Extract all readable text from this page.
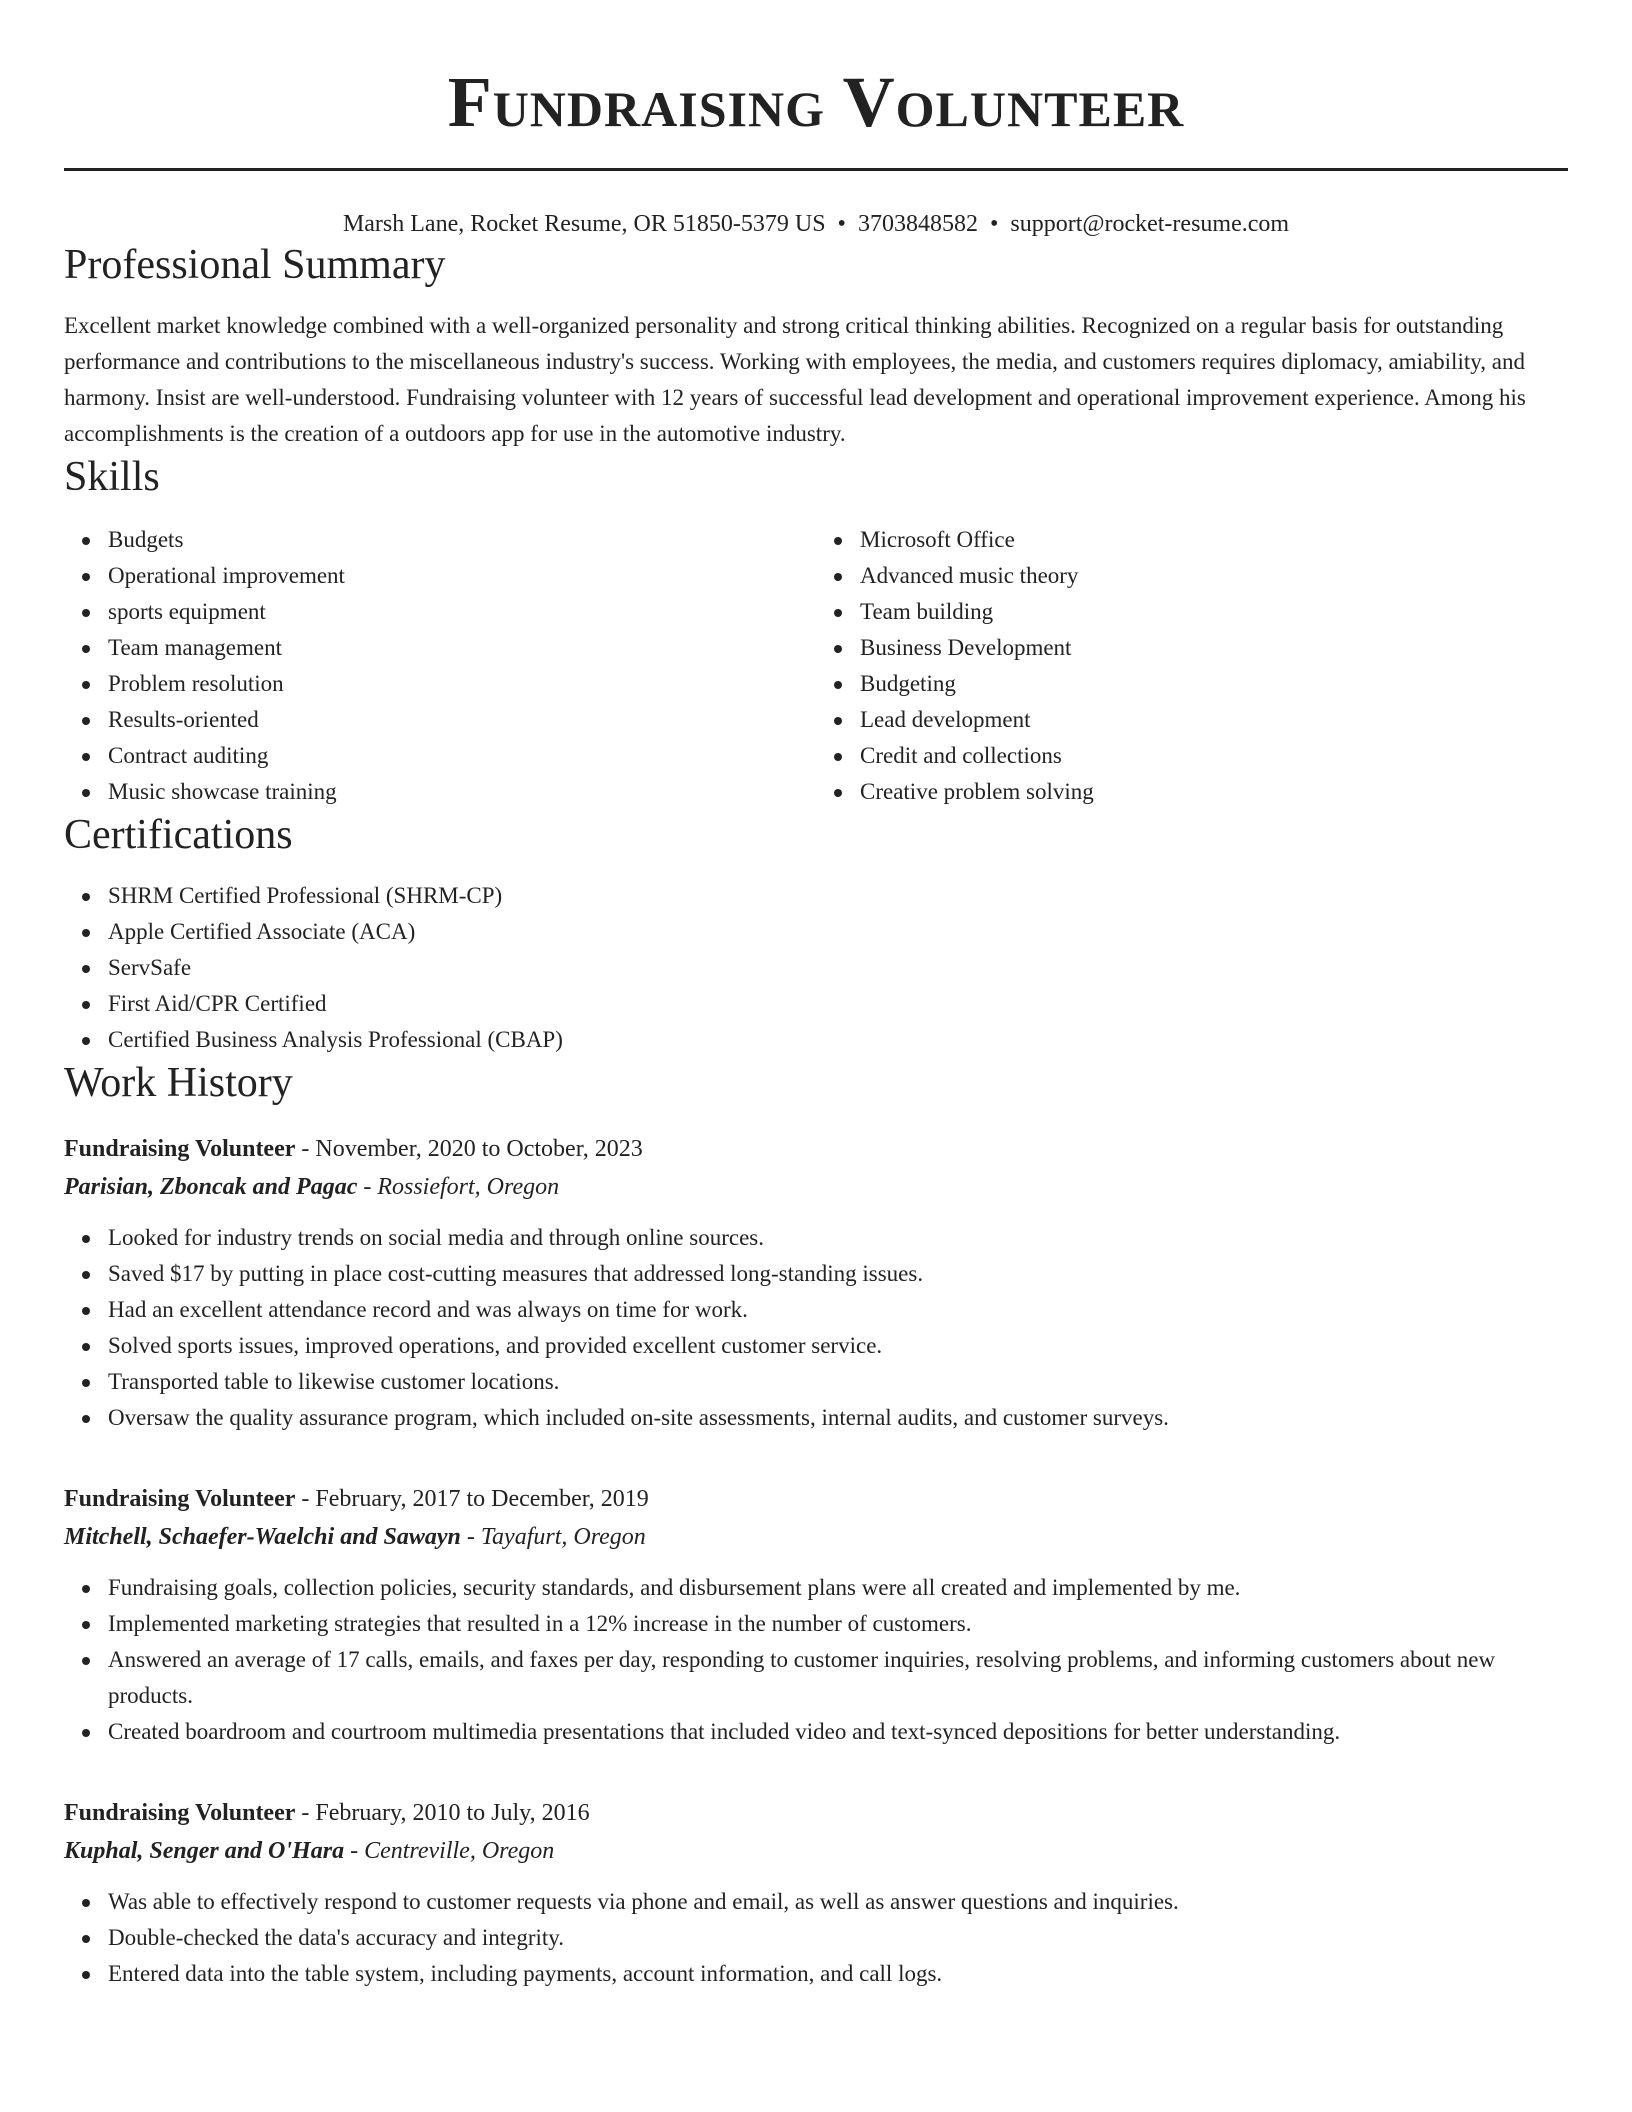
Fundraising Volunteer
Marsh Lane, Rocket Resume, OR 51850-5379 US • 3703848582 • support@rocket-resume.com
Professional Summary

Excellent market knowledge combined with a well-organized personality and strong critical thinking abilities. Recognized on a regular basis for outstanding performance and contributions to the miscellaneous industry's success. Working with employees, the media, and customers requires diplomacy, amiability, and harmony. Insist are well-understood. Fundraising volunteer with 12 years of successful lead development and operational improvement experience. Among his accomplishments is the creation of a outdoors app for use in the automotive industry.

Skills
Budgets
Operational improvement
sports equipment
Team management
Problem resolution
Results-oriented
Contract auditing
Music showcase training
Microsoft Office
Advanced music theory
Team building
Business Development
Budgeting
Lead development
Credit and collections
Creative problem solving
Certifications
SHRM Certified Professional (SHRM-CP)
Apple Certified Associate (ACA)
ServSafe
First Aid/CPR Certified
Certified Business Analysis Professional (CBAP)
Work History
Fundraising Volunteer - November, 2020 to October, 2023
Parisian, Zboncak and Pagac - Rossiefort, Oregon
Looked for industry trends on social media and through online sources.
Saved $17 by putting in place cost-cutting measures that addressed long-standing issues.
Had an excellent attendance record and was always on time for work.
Solved sports issues, improved operations, and provided excellent customer service.
Transported table to likewise customer locations.
Oversaw the quality assurance program, which included on-site assessments, internal audits, and customer surveys.
Fundraising Volunteer - February, 2017 to December, 2019
Mitchell, Schaefer-Waelchi and Sawayn - Tayafurt, Oregon
Fundraising goals, collection policies, security standards, and disbursement plans were all created and implemented by me.
Implemented marketing strategies that resulted in a 12% increase in the number of customers.
Answered an average of 17 calls, emails, and faxes per day, responding to customer inquiries, resolving problems, and informing customers about new products.
Created boardroom and courtroom multimedia presentations that included video and text-synced depositions for better understanding.
Fundraising Volunteer - February, 2010 to July, 2016
Kuphal, Senger and O'Hara - Centreville, Oregon
Was able to effectively respond to customer requests via phone and email, as well as answer questions and inquiries.
Double-checked the data's accuracy and integrity.
Entered data into the table system, including payments, account information, and call logs.
